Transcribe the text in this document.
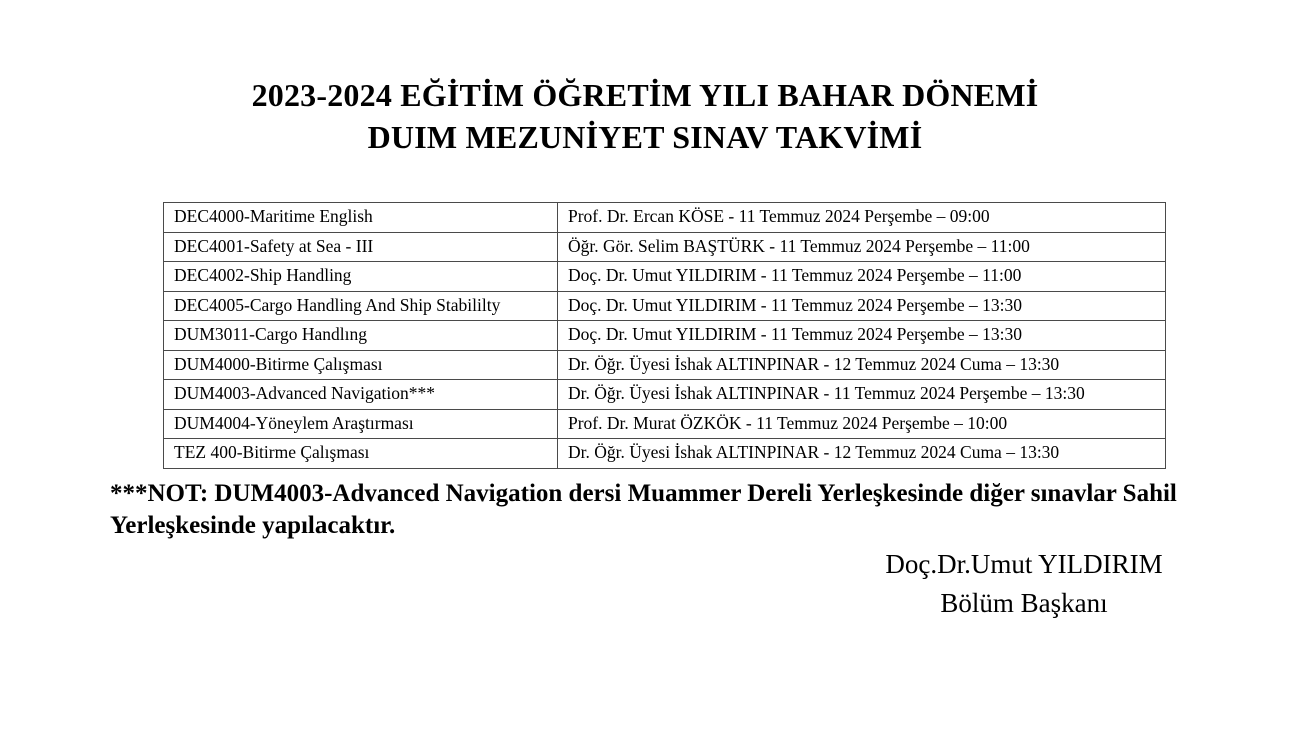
2023-2024 EĞİTİM ÖĞRETİM YILI BAHAR DÖNEMİ
DUIM MEZUNİYET SINAV TAKVİMİ
DEC4000-Maritime English	Prof. Dr. Ercan KÖSE - 11 Temmuz 2024 Perşembe – 09:00
DEC4001-Safety at Sea - III	Öğr. Gör. Selim BAŞTÜRK - 11 Temmuz 2024 Perşembe – 11:00
DEC4002-Ship Handling	Doç. Dr. Umut YILDIRIM - 11 Temmuz 2024 Perşembe – 11:00
DEC4005-Cargo Handling And Ship Stabililty	Doç. Dr. Umut YILDIRIM - 11 Temmuz 2024 Perşembe – 13:30
DUM3011-Cargo Handlıng	Doç. Dr. Umut YILDIRIM - 11 Temmuz 2024 Perşembe – 13:30
DUM4000-Bitirme Çalışması	Dr. Öğr. Üyesi İshak ALTINPINAR - 12 Temmuz 2024 Cuma – 13:30
DUM4003-Advanced Navigation***	Dr. Öğr. Üyesi İshak ALTINPINAR - 11 Temmuz 2024 Perşembe – 13:30
DUM4004-Yöneylem Araştırması	Prof. Dr. Murat ÖZKÖK - 11 Temmuz 2024 Perşembe – 10:00
TEZ 400-Bitirme Çalışması	Dr. Öğr. Üyesi İshak ALTINPINAR - 12 Temmuz 2024 Cuma – 13:30

***NOT: DUM4003-Advanced Navigation dersi Muammer Dereli Yerleşkesinde diğer sınavlar Sahil Yerleşkesinde yapılacaktır.

Doç.Dr.Umut YILDIRIM
Bölüm Başkanı
